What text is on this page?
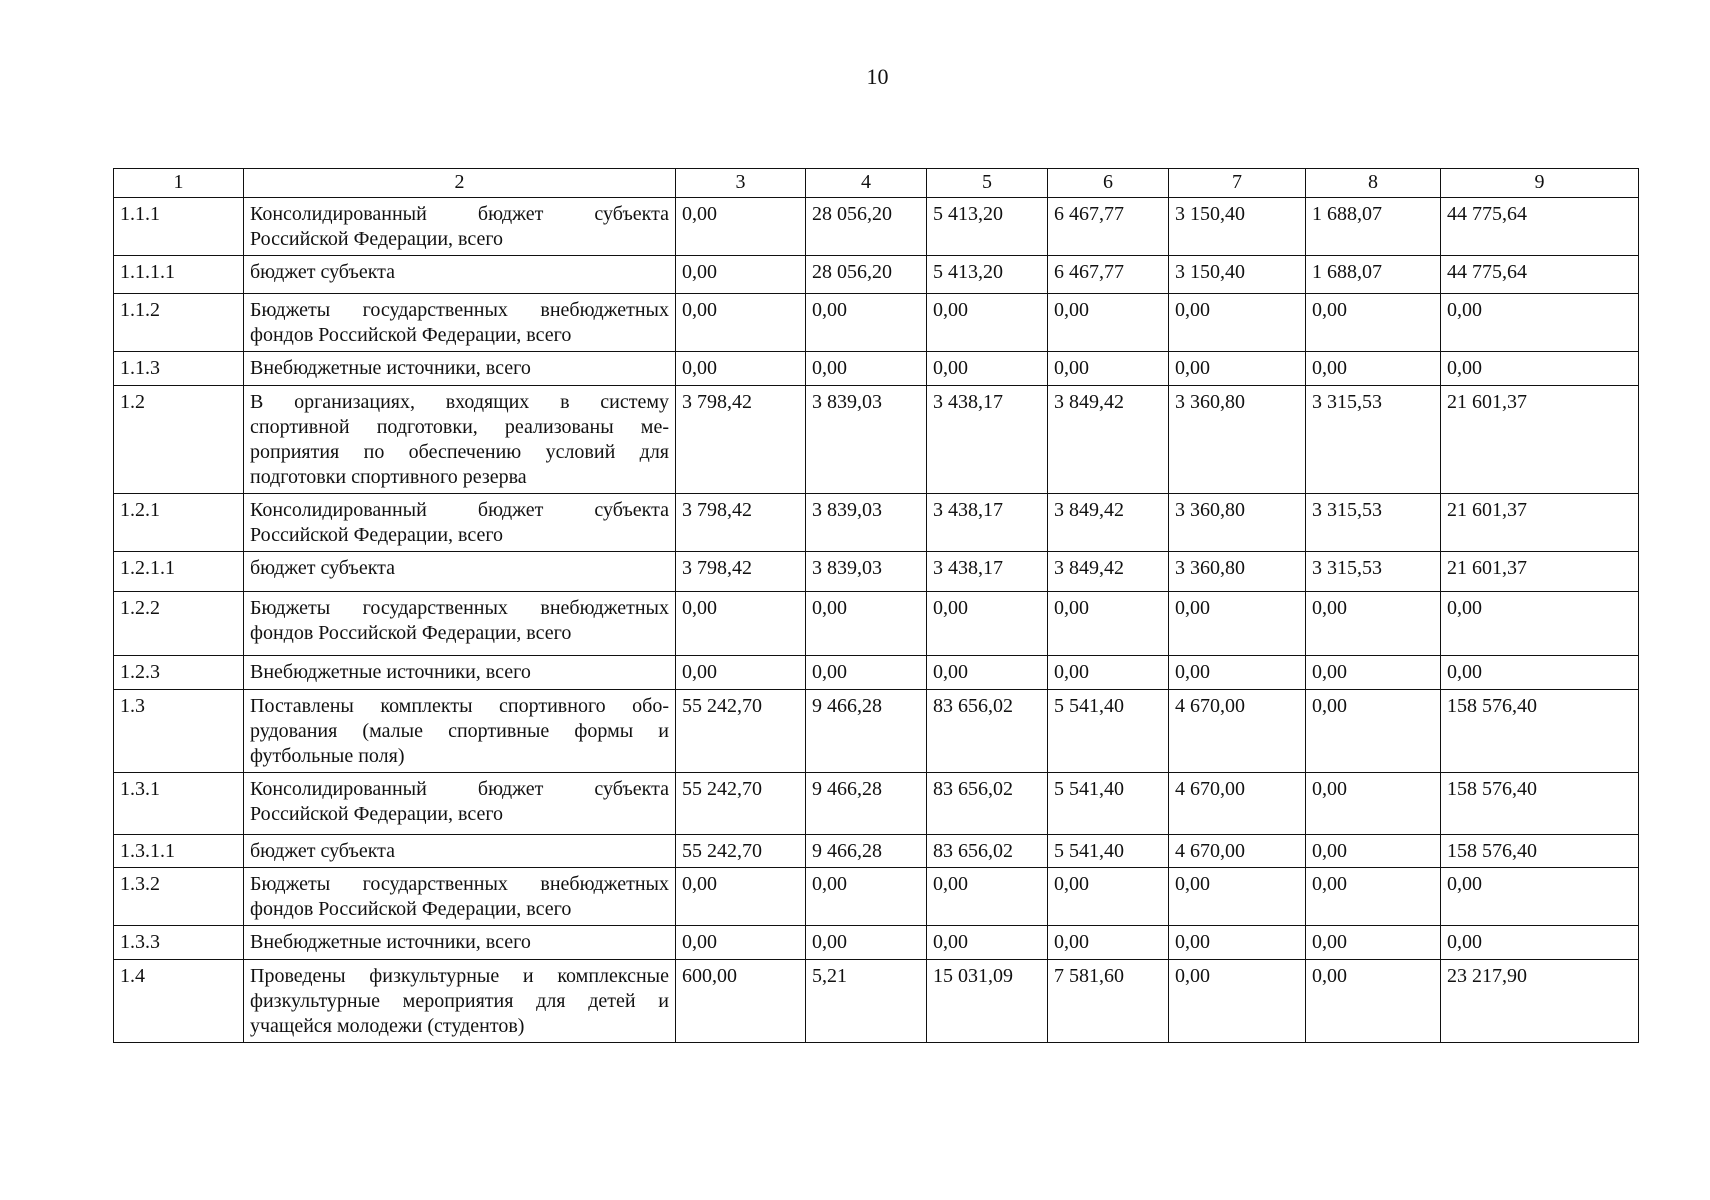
10
1	2	3	4	5	6	7	8	9
1.1.1	Консолидированный бюджет субъекта Российской Федерации, всего	0,00	28 056,20	5 413,20	6 467,77	3 150,40	1 688,07	44 775,64
1.1.1.1	бюджет субъекта	0,00	28 056,20	5 413,20	6 467,77	3 150,40	1 688,07	44 775,64
1.1.2	Бюджеты государственных внебюджетных фондов Российской Федерации, всего	0,00	0,00	0,00	0,00	0,00	0,00	0,00
1.1.3	Внебюджетные источники, всего	0,00	0,00	0,00	0,00	0,00	0,00	0,00
1.2	В организациях, входящих в систему спортивной подготовки, реализованы мероприятия по обеспечению условий для подготовки спортивного резерва	3 798,42	3 839,03	3 438,17	3 849,42	3 360,80	3 315,53	21 601,37
1.2.1	Консолидированный бюджет субъекта Российской Федерации, всего	3 798,42	3 839,03	3 438,17	3 849,42	3 360,80	3 315,53	21 601,37
1.2.1.1	бюджет субъекта	3 798,42	3 839,03	3 438,17	3 849,42	3 360,80	3 315,53	21 601,37
1.2.2	Бюджеты государственных внебюджетных фондов Российской Федерации, всего	0,00	0,00	0,00	0,00	0,00	0,00	0,00
1.2.3	Внебюджетные источники, всего	0,00	0,00	0,00	0,00	0,00	0,00	0,00
1.3	Поставлены комплекты спортивного оборудования (малые спортивные формы и футбольные поля)	55 242,70	9 466,28	83 656,02	5 541,40	4 670,00	0,00	158 576,40
1.3.1	Консолидированный бюджет субъекта Российской Федерации, всего	55 242,70	9 466,28	83 656,02	5 541,40	4 670,00	0,00	158 576,40
1.3.1.1	бюджет субъекта	55 242,70	9 466,28	83 656,02	5 541,40	4 670,00	0,00	158 576,40
1.3.2	Бюджеты государственных внебюджетных фондов Российской Федерации, всего	0,00	0,00	0,00	0,00	0,00	0,00	0,00
1.3.3	Внебюджетные источники, всего	0,00	0,00	0,00	0,00	0,00	0,00	0,00
1.4	Проведены физкультурные и комплексные физкультурные мероприятия для детей и учащейся молодежи (студентов)	600,00	5,21	15 031,09	7 581,60	0,00	0,00	23 217,90
